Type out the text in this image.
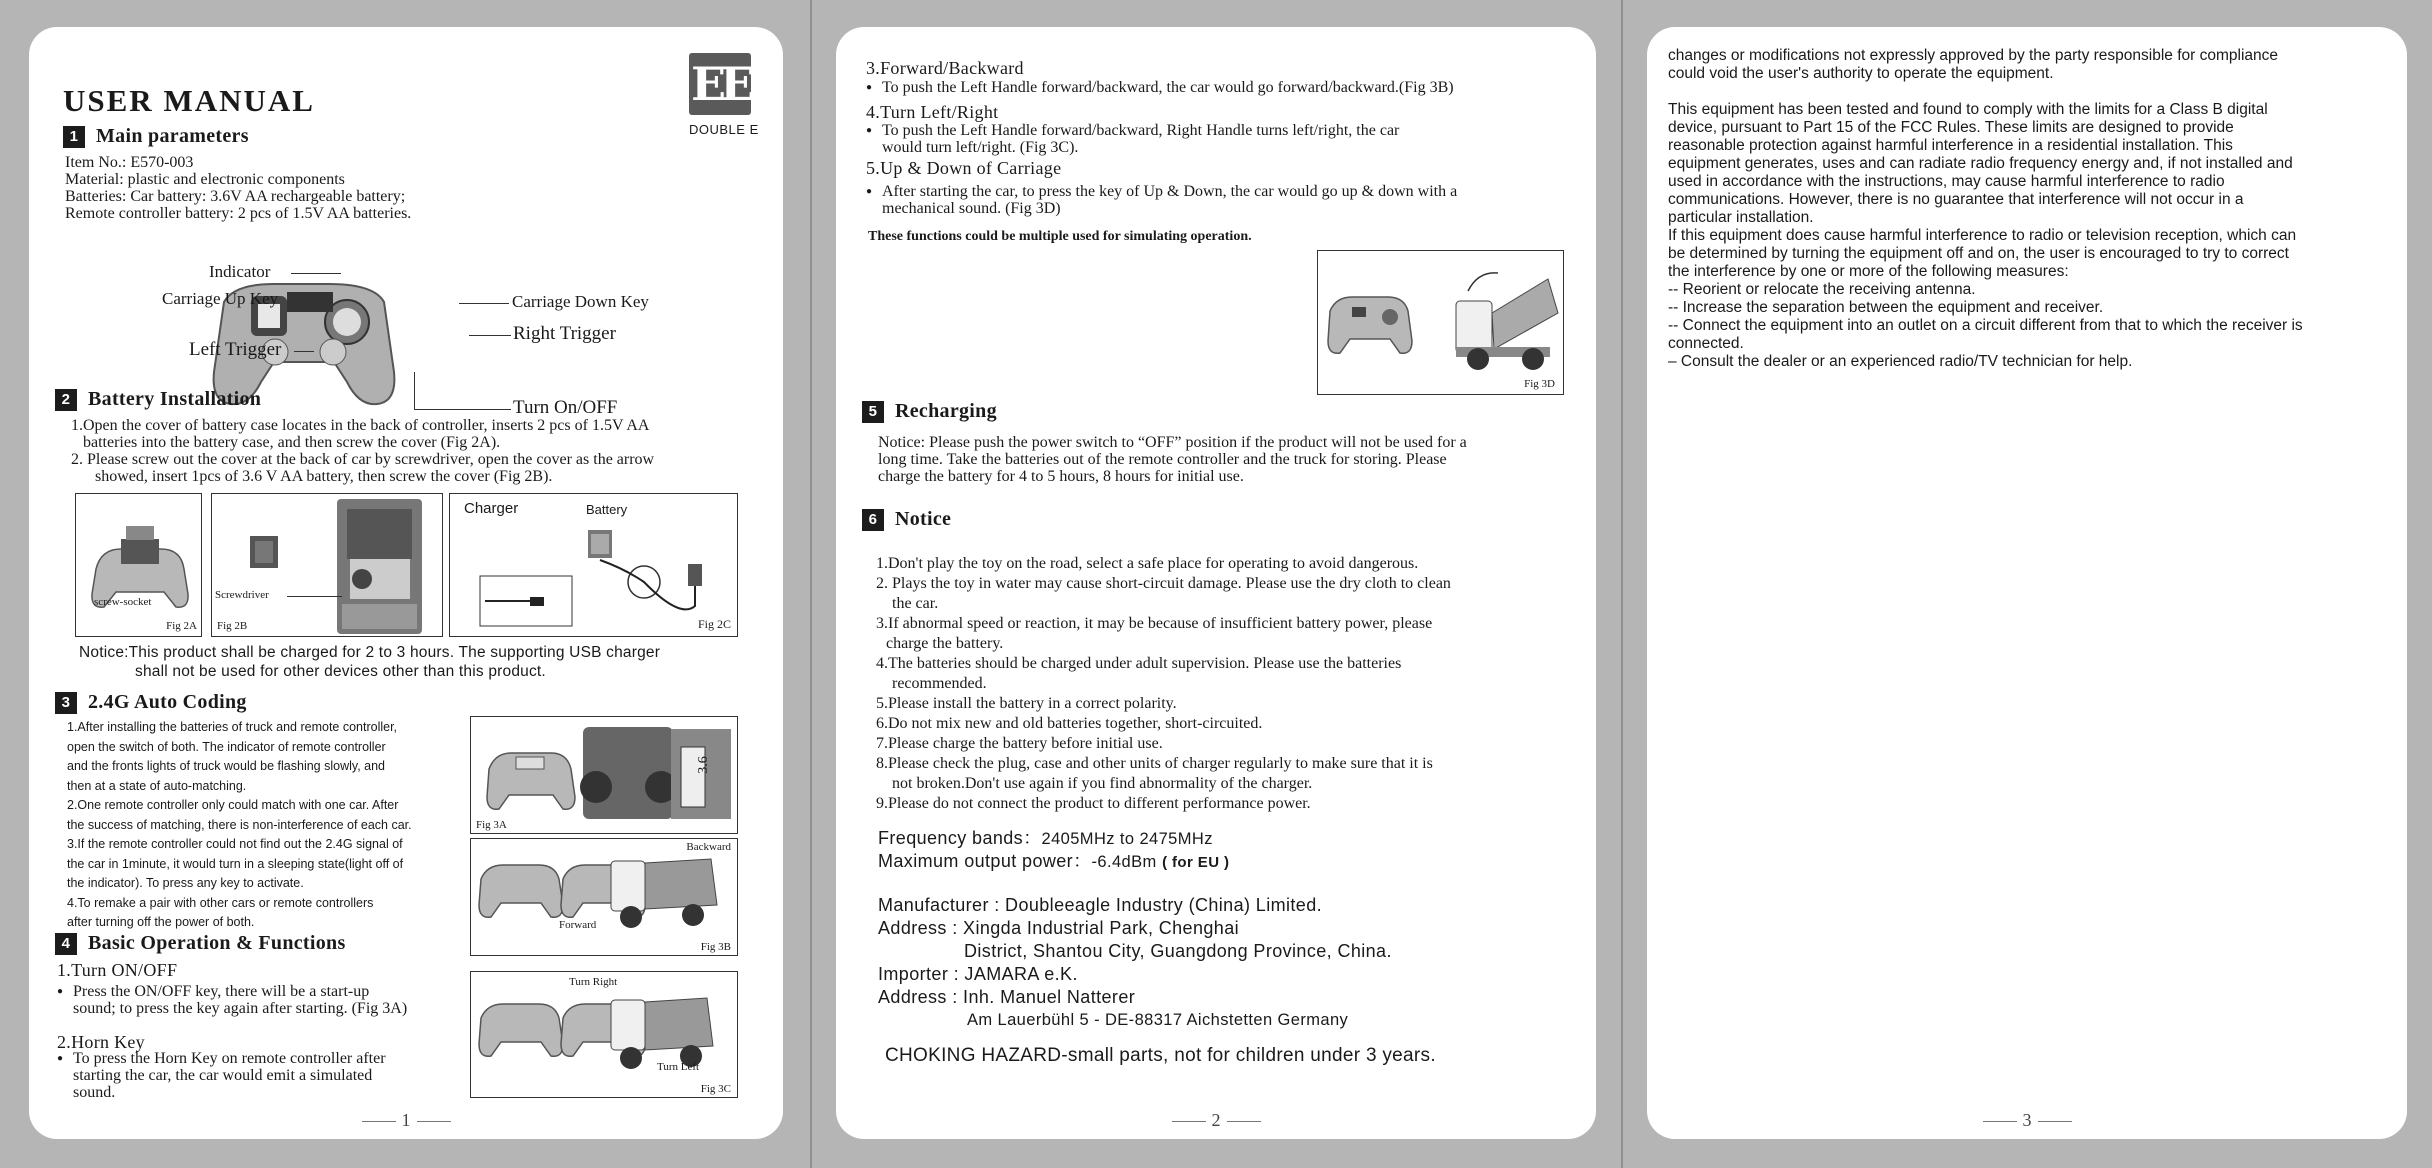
USER MANUAL	EE
DOUBLE E
1 Main parameters
Item No.: E570-003
Material: plastic and electronic components
Batteries: Car battery: 3.6V AA rechargeable battery;
Remote controller battery: 2 pcs of 1.5V AA batteries.
Indicator
Carriage Up Key
Left Trigger
Carriage Down Key
Right Trigger
Turn On/OFF
2 Battery Installation
1.Open the cover of battery case locates in the back of controller, inserts 2 pcs of 1.5V AA
batteries into the battery case, and then screw the cover (Fig 2A).
2. Please screw out the cover at the back of car by screwdriver, open the cover as the arrow
showed, insert 1pcs of 3.6 V AA battery, then screw the cover (Fig 2B).
screw-socket
Fig 2A
Screwdriver
Fig 2B
Charger	Battery
Fig 2C
Notice:This product shall be charged for 2 to 3 hours. The supporting USB charger
shall not be used for other devices other than this product.
3 2.4G Auto Coding
1.After installing the batteries of truck and remote controller,
open the switch of both. The indicator of remote controller
and the fronts lights of truck would be flashing slowly, and
then at a state of auto-matching.
2.One remote controller only could match with one car. After
the success of matching, there is non-interference of each car.
3.If the remote controller could not find out the 2.4G signal of
the car in 1minute, it would turn in a sleeping state(light off of
the indicator). To press any key to activate.
4.To remake a pair with other cars or remote controllers
after turning off the power of both.
3.6
Fig 3A
Backward
Forward
Fig 3B
4 Basic Operation & Functions
1.Turn ON/OFF
● Press the ON/OFF key, there will be a start-up
sound; to press the key again after starting. (Fig 3A)
2.Horn Key
● To press the Horn Key on remote controller after
starting the car, the car would emit a simulated
sound.
Turn Right
Turn Left
Fig 3C
1
3.Forward/Backward
● To push the Left Handle forward/backward, the car would go forward/backward.(Fig 3B)
4.Turn Left/Right
● To push the Left Handle forward/backward, Right Handle turns left/right, the car
would turn left/right. (Fig 3C).
5.Up & Down of Carriage
● After starting the car, to press the key of Up & Down, the car would go up & down with a
mechanical sound. (Fig 3D)
These functions could be multiple used for simulating operation.
Fig 3D
5 Recharging
Notice: Please push the power switch to “OFF” position if the product will not be used for a
long time. Take the batteries out of the remote controller and the truck for storing. Please
charge the battery for 4 to 5 hours, 8 hours for initial use.
6 Notice

1.Don't play the toy on the road, select a safe place for operating to avoid dangerous.

2. Plays the toy in water may cause short-circuit damage. Please use the dry cloth to clean

the car.

3.If abnormal speed or reaction, it may be because of insufficient battery power, please

charge the battery.

4.The batteries should be charged under adult supervision. Please use the batteries

recommended.

5.Please install the battery in a correct polarity.

6.Do not mix new and old batteries together, short-circuited.

7.Please charge the battery before initial use.

8.Please check the plug, case and other units of charger regularly to make sure that it is

not broken.Don't use again if you find abnormality of the charger.

9.Please do not connect the product to different performance power.

Frequency bands：2405MHz to 2475MHz
Maximum output power：-6.4dBm ( for EU )
Manufacturer : Doubleeagle Industry (China) Limited.
Address : Xingda Industrial Park, Chenghai
District, Shantou City, Guangdong Province, China.
Importer : JAMARA e.K.
Address : Inh. Manuel Natterer
Am Lauerbühl 5 - DE-88317 Aichstetten Germany
CHOKING HAZARD-small parts, not for children under 3 years.
2
changes or modifications not expressly approved by the party responsible for compliance
could void the user's authority to operate the equipment.
This equipment has been tested and found to comply with the limits for a Class B digital
device, pursuant to Part 15 of the FCC Rules. These limits are designed to provide
reasonable protection against harmful interference in a residential installation. This
equipment generates, uses and can radiate radio frequency energy and, if not installed and
used in accordance with the instructions, may cause harmful interference to radio
communications. However, there is no guarantee that interference will not occur in a
particular installation.
If this equipment does cause harmful interference to radio or television reception, which can
be determined by turning the equipment off and on, the user is encouraged to try to correct
the interference by one or more of the following measures:
-- Reorient or relocate the receiving antenna.
-- Increase the separation between the equipment and receiver.
-- Connect the equipment into an outlet on a circuit different from that to which the receiver is
connected.
– Consult the dealer or an experienced radio/TV technician for help.
3
